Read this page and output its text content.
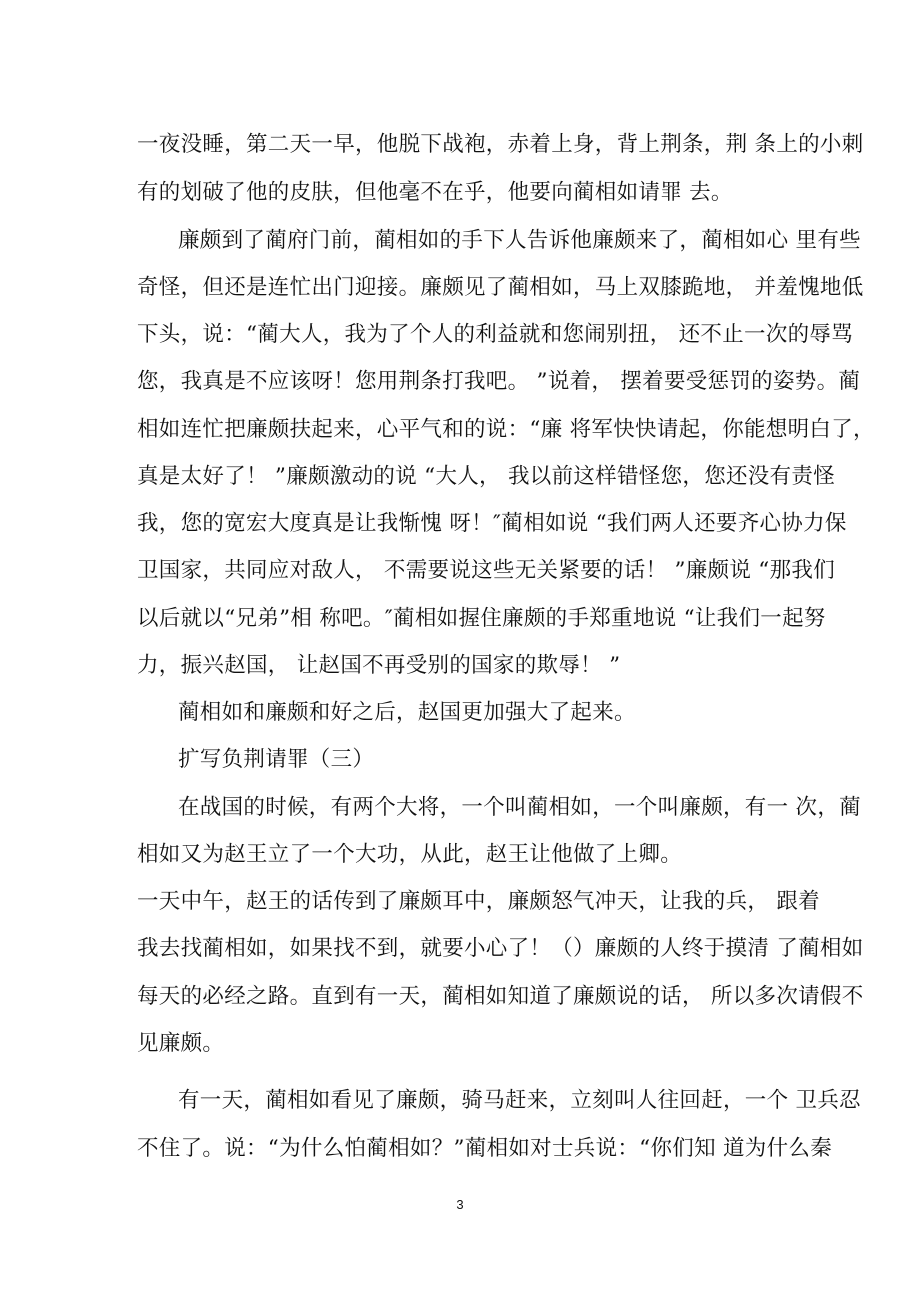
一夜没睡，第二天一早，他脱下战袍，赤着上身，背上荆条，荆 条上的小刺
有的划破了他的皮肤，但他毫不在乎，他要向蔺相如请罪 去。
廉颇到了蔺府门前，蔺相如的手下人告诉他廉颇来了，蔺相如心 里有些
奇怪，但还是连忙出门迎接。廉颇见了蔺相如，马上双膝跪地， 并羞愧地低
下头，说：“蔺大人，我为了个人的利益就和您闹别扭， 还不止一次的辱骂
您，我真是不应该呀！您用荆条打我吧。 ”说着， 摆着要受惩罚的姿势。蔺
相如连忙把廉颇扶起来，心平气和的说：“廉 将军快快请起，你能想明白了，
真是太好了！ ”廉颇激动的说 “大人， 我以前这样错怪您，您还没有责怪
我，您的宽宏大度真是让我惭愧 呀！″蔺相如说 “我们两人还要齐心协力保
卫国家，共同应对敌人， 不需要说这些无关紧要的话！ ”廉颇说 “那我们
以后就以“兄弟”相 称吧。″蔺相如握住廉颇的手郑重地说 “让我们一起努
力，振兴赵国， 让赵国不再受别的国家的欺辱！ ”
蔺相如和廉颇和好之后，赵国更加强大了起来。
扩写负荆请罪（三）
在战国的时候，有两个大将，一个叫蔺相如，一个叫廉颇，有一 次，蔺
相如又为赵王立了一个大功，从此，赵王让他做了上卿。
一天中午，赵王的话传到了廉颇耳中，廉颇怒气冲天，让我的兵， 跟着
我去找蔺相如，如果找不到，就要小心了！（）廉颇的人终于摸清 了蔺相如
每天的必经之路。直到有一天，蔺相如知道了廉颇说的话， 所以多次请假不
见廉颇。
有一天，蔺相如看见了廉颇，骑马赶来，立刻叫人往回赶，一个 卫兵忍
不住了。说：“为什么怕蔺相如？”蔺相如对士兵说：“你们知 道为什么秦
3
